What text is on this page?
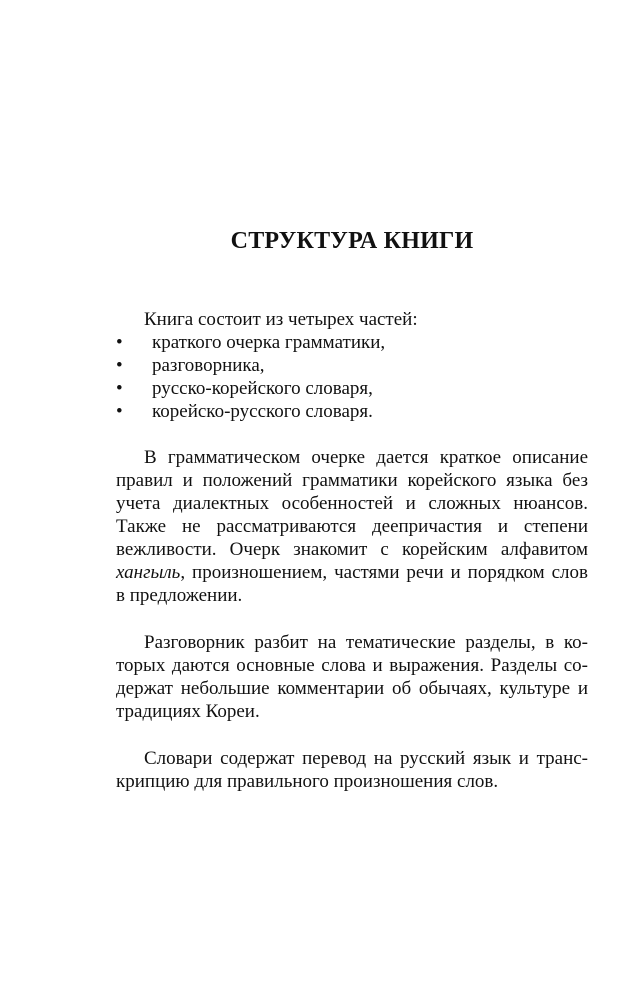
СТРУКТУРА КНИГИ

Книга состоит из четырех частей:

• краткого очерка грамматики,
• разговорника,
• русско-корейского словаря,
• корейско-русского словаря.

В грамматическом очерке дается краткое описание правил и положений грамматики корейского языка без учета диалектных особенностей и сложных нюансов. Также не рассматриваются деепричастия и степени вежливости. Очерк знакомит с корейским алфавитом хангыль, произношением, частями речи и порядком слов в предложении.

Разговорник разбит на тематические разделы, в которых даются основные слова и выражения. Разделы содержат небольшие комментарии об обычаях, культуре и традициях Кореи.

Словари содержат перевод на русский язык и транскрипцию для правильного произношения слов.
